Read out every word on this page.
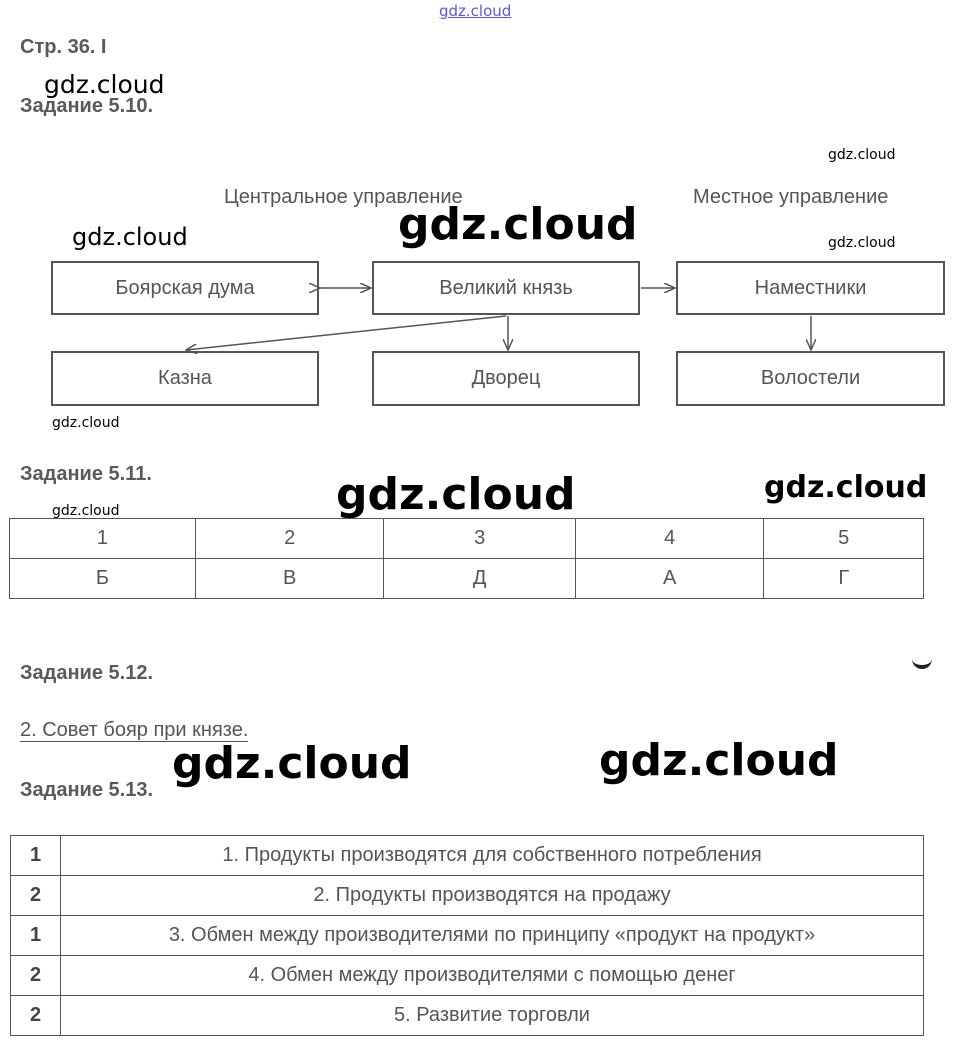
gdz.cloud
gdz.cloud
gdz.cloud
gdz.cloud	gdz.cloud	gdz.cloud
gdz.cloud
gdz.cloud	gdz.cloud	gdz.cloud
gdz.cloud	gdz.cloud
Стр. 36. I
Задание 5.10.
Центральное управление	Местное управление
Боярская дума	Великий князь	Наместники
Казна	Дворец	Волостели
Задание 5.11.
1	2	3	4	5
Б	В	Д	А	Г
Задание 5.12.
2. Совет бояр при князе.
Задание 5.13.
1	1. Продукты производятся для собственного потребления
2	2. Продукты производятся на продажу
1	3. Обмен между производителями по принципу «продукт на продукт»
2	4. Обмен между производителями с помощью денег
2	5. Развитие торговли
